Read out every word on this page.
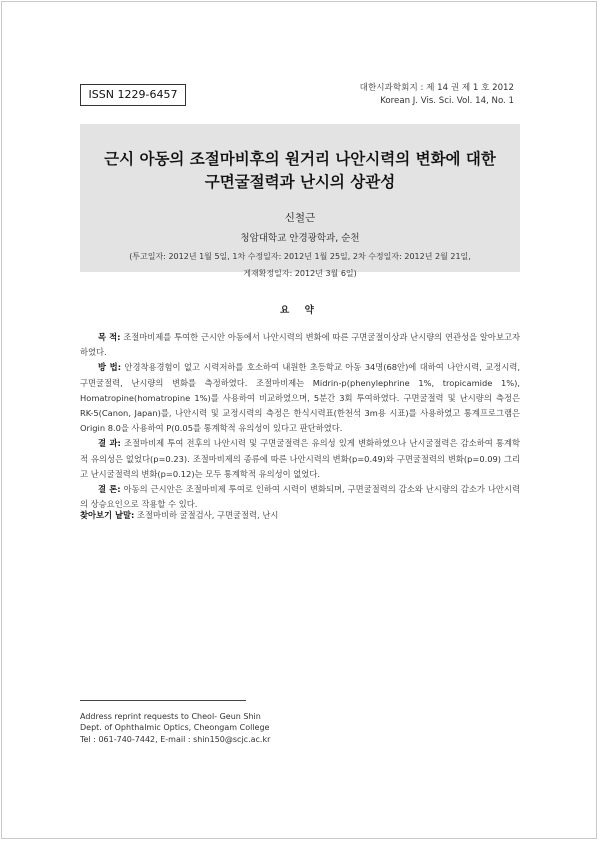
ISSN 1229-6457	대한시과학회지 : 제 14 권 제 1 호 2012
Korean J. Vis. Sci. Vol. 14, No. 1
근시 아동의 조절마비후의 원거리 나안시력의 변화에 대한
구면굴절력과 난시의 상관성
신철근
청암대학교 안경광학과, 순천
(투고일자: 2012년 1월 5일, 1차 수정일자: 2012년 1월 25일, 2차 수정일자: 2012년 2월 21일,
게재확정일자: 2012년 3월 6일)
요 약

목 적: 조절마비제를 투여한 근시안 아동에서 나안시력의 변화에 따른 구면굴절이상과 난시량의 연관성을 알아보고자 하였다.

방 법: 안경착용경험이 없고 시력저하를 호소하여 내원한 초등학교 아동 34명(68안)에 대하여 나안시력, 교정시력, 구면굴절력, 난시량의 변화를 측정하였다. 조절마비제는 Midrin-p(phenylephrine 1%, tropicamide 1%), Homatropine(homatropine 1%)를 사용하여 비교하였으며, 5분간 3회 투여하였다. 구면굴절력 및 난시량의 측정은 RK-5(Canon, Japan)를, 나안시력 및 교정시력의 측정은 한식시력표(한천석 3m용 시표)를 사용하였고 통계프로그램은 Origin 8.0을 사용하여 P(0.05를 통계학적 유의성이 있다고 판단하였다.

결 과: 조절마비제 투여 전후의 나안시력 및 구면굴절력은 유의성 있게 변화하였으나 난시굴절력은 감소하여 통계학적 유의성은 없었다(p=0.23). 조절마비제의 종류에 따른 나안시력의 변화(p=0.49)와 구면굴절력의 변화(p=0.09) 그리고 난시굴절력의 변화(p=0.12)는 모두 통계학적 유의성이 없었다.

결 론: 아동의 근시안은 조절마비제 투여로 인하여 시력이 변화되며, 구면굴절력의 감소와 난시량의 감소가 나안시력의 상승요인으로 작용할 수 있다.

찾아보기 낱말: 조절마비하 굴절검사, 구면굴절력, 난시
Address reprint requests to Cheol- Geun Shin
Dept. of Ophthalmic Optics, Cheongam College
Tel : 061-740-7442, E-mail : shin150@scjc.ac.kr
